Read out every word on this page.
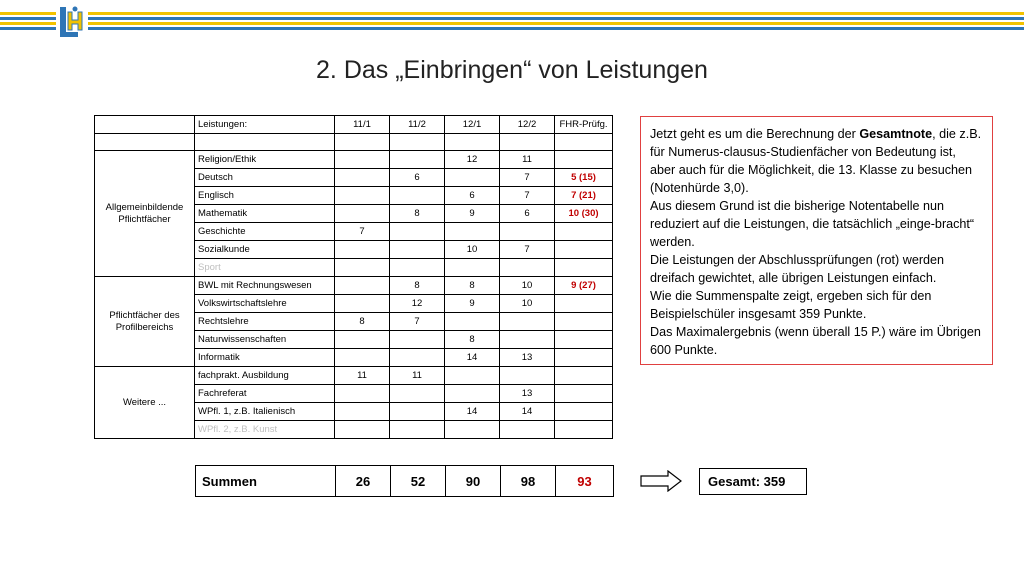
2. Das „Einbringen“ von Leistungen
	Leistungen:	11/1	11/2	12/1	12/2	FHR-Prüfg.

Allgemeinbildende Pflichtfächer	Religion/Ethik			12	11	
	Deutsch		6		7	5 (15)
	Englisch			6	7	7 (21)
	Mathematik		8	9	6	10 (30)
	Geschichte	7				
	Sozialkunde			10	7	
	Sport					
Pflichtfächer des Profilbereichs	BWL mit Rechnungswesen		8	8	10	9 (27)
	Volkswirtschaftslehre		12	9	10	
	Rechtslehre	8	7			
	Naturwissenschaften			8		
	Informatik			14	13	
Weitere ...	fachprakt. Ausbildung	11	11			
	Fachreferat				13	
	WPfl. 1, z.B. Italienisch			14	14	
	WPfl. 2, z.B. Kunst					
Summen	26	52	90	98	93	Gesamt: 359

Jetzt geht es um die Berechnung der Gesamtnote, die z.B. für Numerus-clausus-Studienfächer von Bedeutung ist, aber auch für die Möglichkeit, die 13. Klasse zu besuchen (Notenhürde 3,0).

Aus diesem Grund ist die bisherige Notentabelle nun reduziert auf die Leistungen, die tatsächlich „einge-bracht“ werden.

Die Leistungen der Abschlussprüfungen (rot) werden dreifach gewichtet, alle übrigen Leistungen einfach.

Wie die Summenspalte zeigt, ergeben sich für den Beispielschüler insgesamt 359 Punkte.

Das Maximalergebnis (wenn überall 15 P.) wäre im Übrigen 600 Punkte.
